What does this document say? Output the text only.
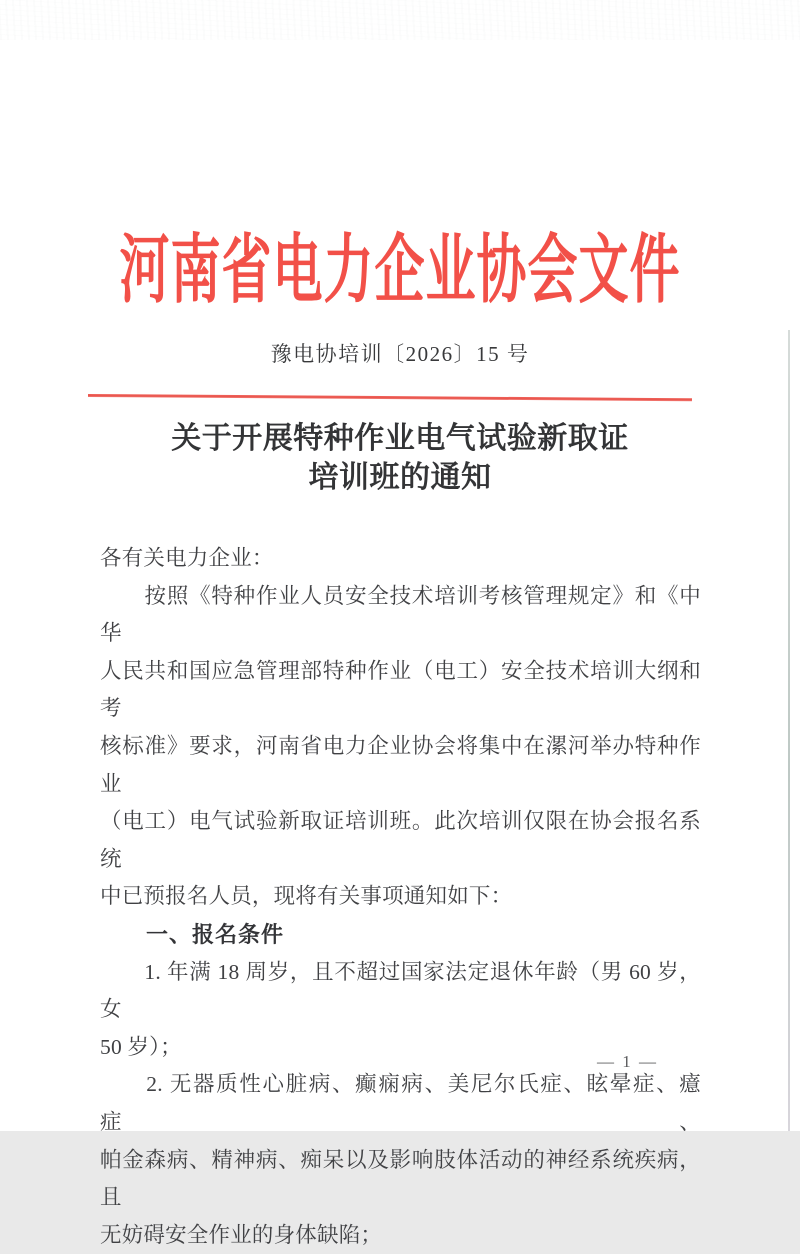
河南省电力企业协会文件
豫电协培训〔2026〕15 号
关于开展特种作业电气试验新取证
培训班的通知
各有关电力企业：
　　按照《特种作业人员安全技术培训考核管理规定》和《中华
人民共和国应急管理部特种作业（电工）安全技术培训大纲和考
核标准》要求，河南省电力企业协会将集中在漯河举办特种作业
（电工）电气试验新取证培训班。此次培训仅限在协会报名系统
中已预报名人员，现将有关事项通知如下：
　　一、报名条件
　　1. 年满 18 周岁，且不超过国家法定退休年龄（男 60 岁，女
50 岁）；
　　2. 无器质性心脏病、癫痫病、美尼尔氏症、眩晕症、癔症、
帕金森病、精神病、痴呆以及影响肢体活动的神经系统疾病，且
无妨碍安全作业的身体缺陷；
— 1 —
